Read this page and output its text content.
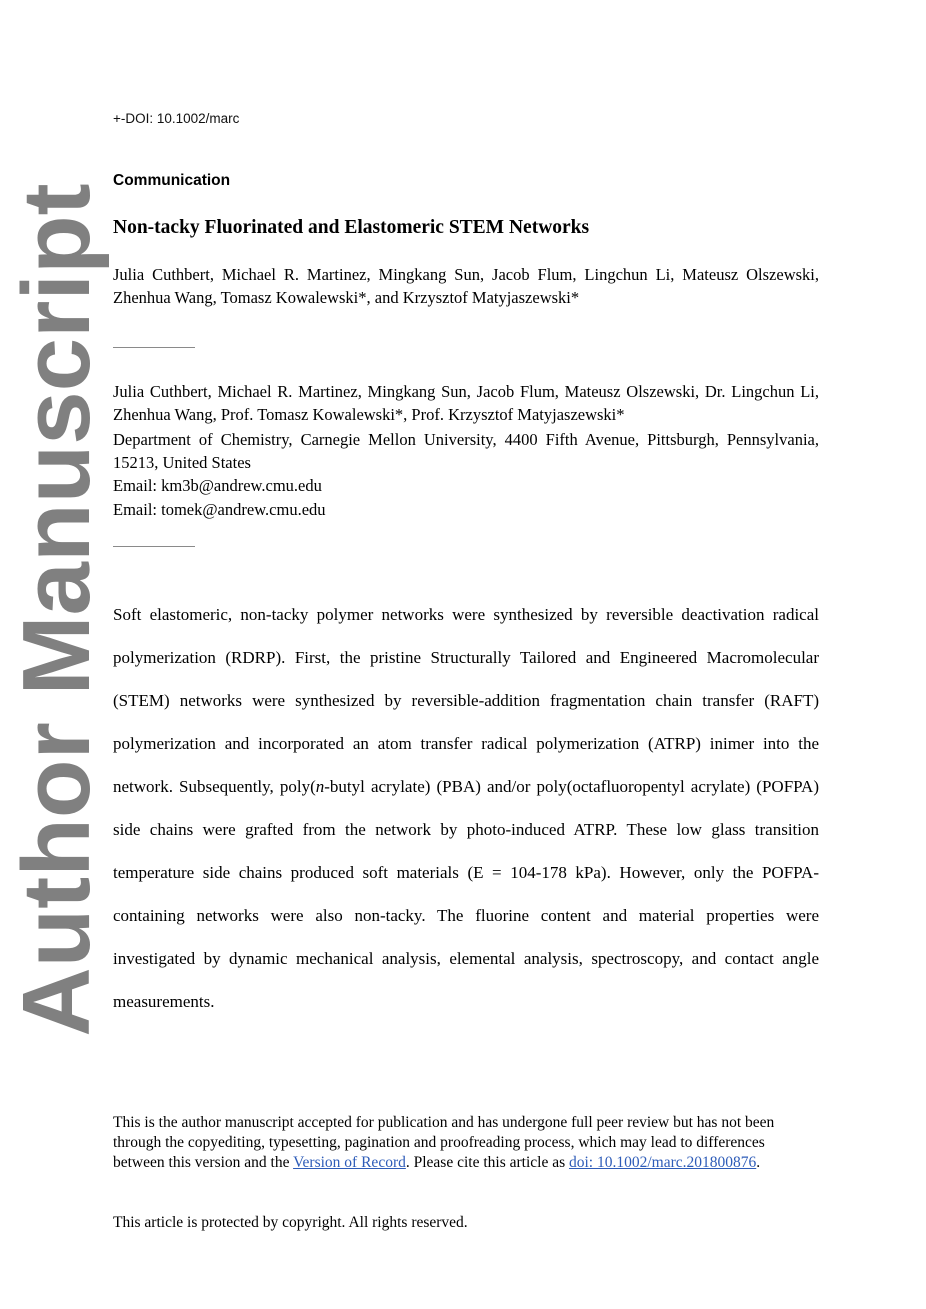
Author Manuscript
+-DOI: 10.1002/marc
Communication
Non-tacky Fluorinated and Elastomeric STEM Networks

Julia Cuthbert, Michael R. Martinez, Mingkang Sun, Jacob Flum, Lingchun Li, Mateusz Olszewski, Zhenhua Wang, Tomasz Kowalewski*, and Krzysztof Matyjaszewski*

Julia Cuthbert, Michael R. Martinez, Mingkang Sun, Jacob Flum, Mateusz Olszewski, Dr. Lingchun Li, Zhenhua Wang, Prof. Tomasz Kowalewski*, Prof. Krzysztof Matyjaszewski*

Department of Chemistry, Carnegie Mellon University, 4400 Fifth Avenue, Pittsburgh, Pennsylvania, 15213, United States

Email: km3b@andrew.cmu.edu

Email: tomek@andrew.cmu.edu

Soft elastomeric, non-tacky polymer networks were synthesized by reversible deactivation radical polymerization (RDRP). First, the pristine Structurally Tailored and Engineered Macromolecular (STEM) networks were synthesized by reversible-addition fragmentation chain transfer (RAFT) polymerization and incorporated an atom transfer radical polymerization (ATRP) inimer into the network. Subsequently, poly(n-butyl acrylate) (PBA) and/or poly(octafluoropentyl acrylate) (POFPA) side chains were grafted from the network by photo-induced ATRP. These low glass transition temperature side chains produced soft materials (E = 104-178 kPa). However, only the POFPA-containing networks were also non-tacky. The fluorine content and material properties were investigated by dynamic mechanical analysis, elemental analysis, spectroscopy, and contact angle measurements.

This is the author manuscript accepted for publication and has undergone full peer review but has not been through the copyediting, typesetting, pagination and proofreading process, which may lead to differences between this version and the Version of Record. Please cite this article as doi: 10.1002/marc.201800876.

This article is protected by copyright. All rights reserved.
